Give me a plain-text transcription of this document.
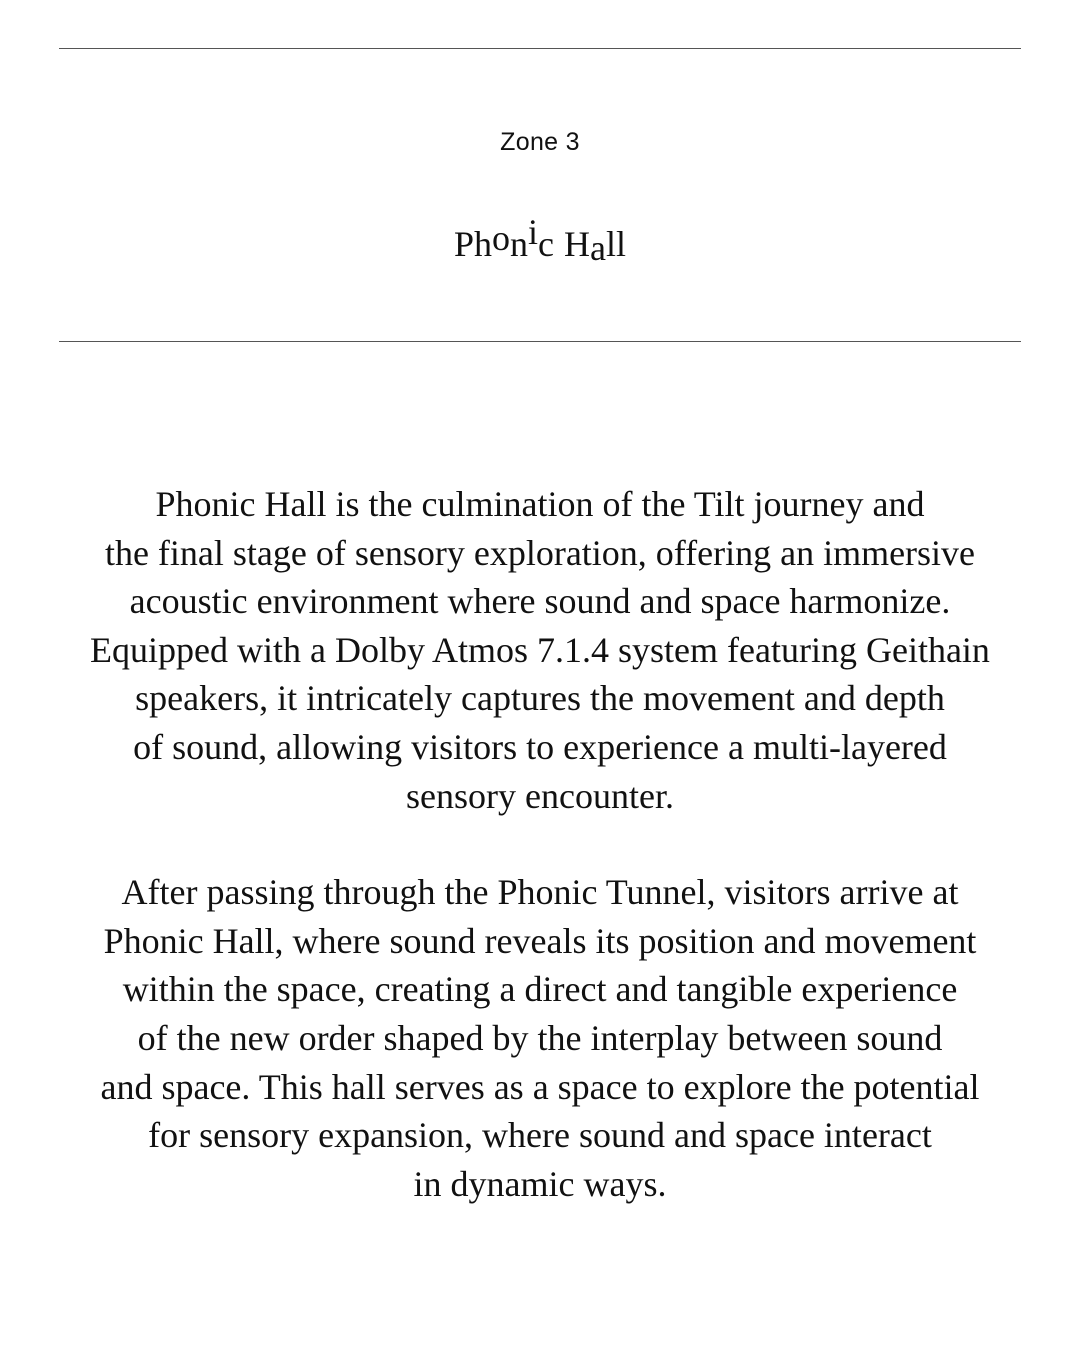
Zone 3
Phonic Hall

Phonic Hall is the culmination of the Tilt journey and
the final stage of sensory exploration, offering an immersive
acoustic environment where sound and space harmonize.
Equipped with a Dolby Atmos 7.1.4 system featuring Geithain
speakers, it intricately captures the movement and depth
of sound, allowing visitors to experience a multi-layered
sensory encounter.

After passing through the Phonic Tunnel, visitors arrive at
Phonic Hall, where sound reveals its position and movement
within the space, creating a direct and tangible experience
of the new order shaped by the interplay between sound
and space. This hall serves as a space to explore the potential
for sensory expansion, where sound and space interact
in dynamic ways.
